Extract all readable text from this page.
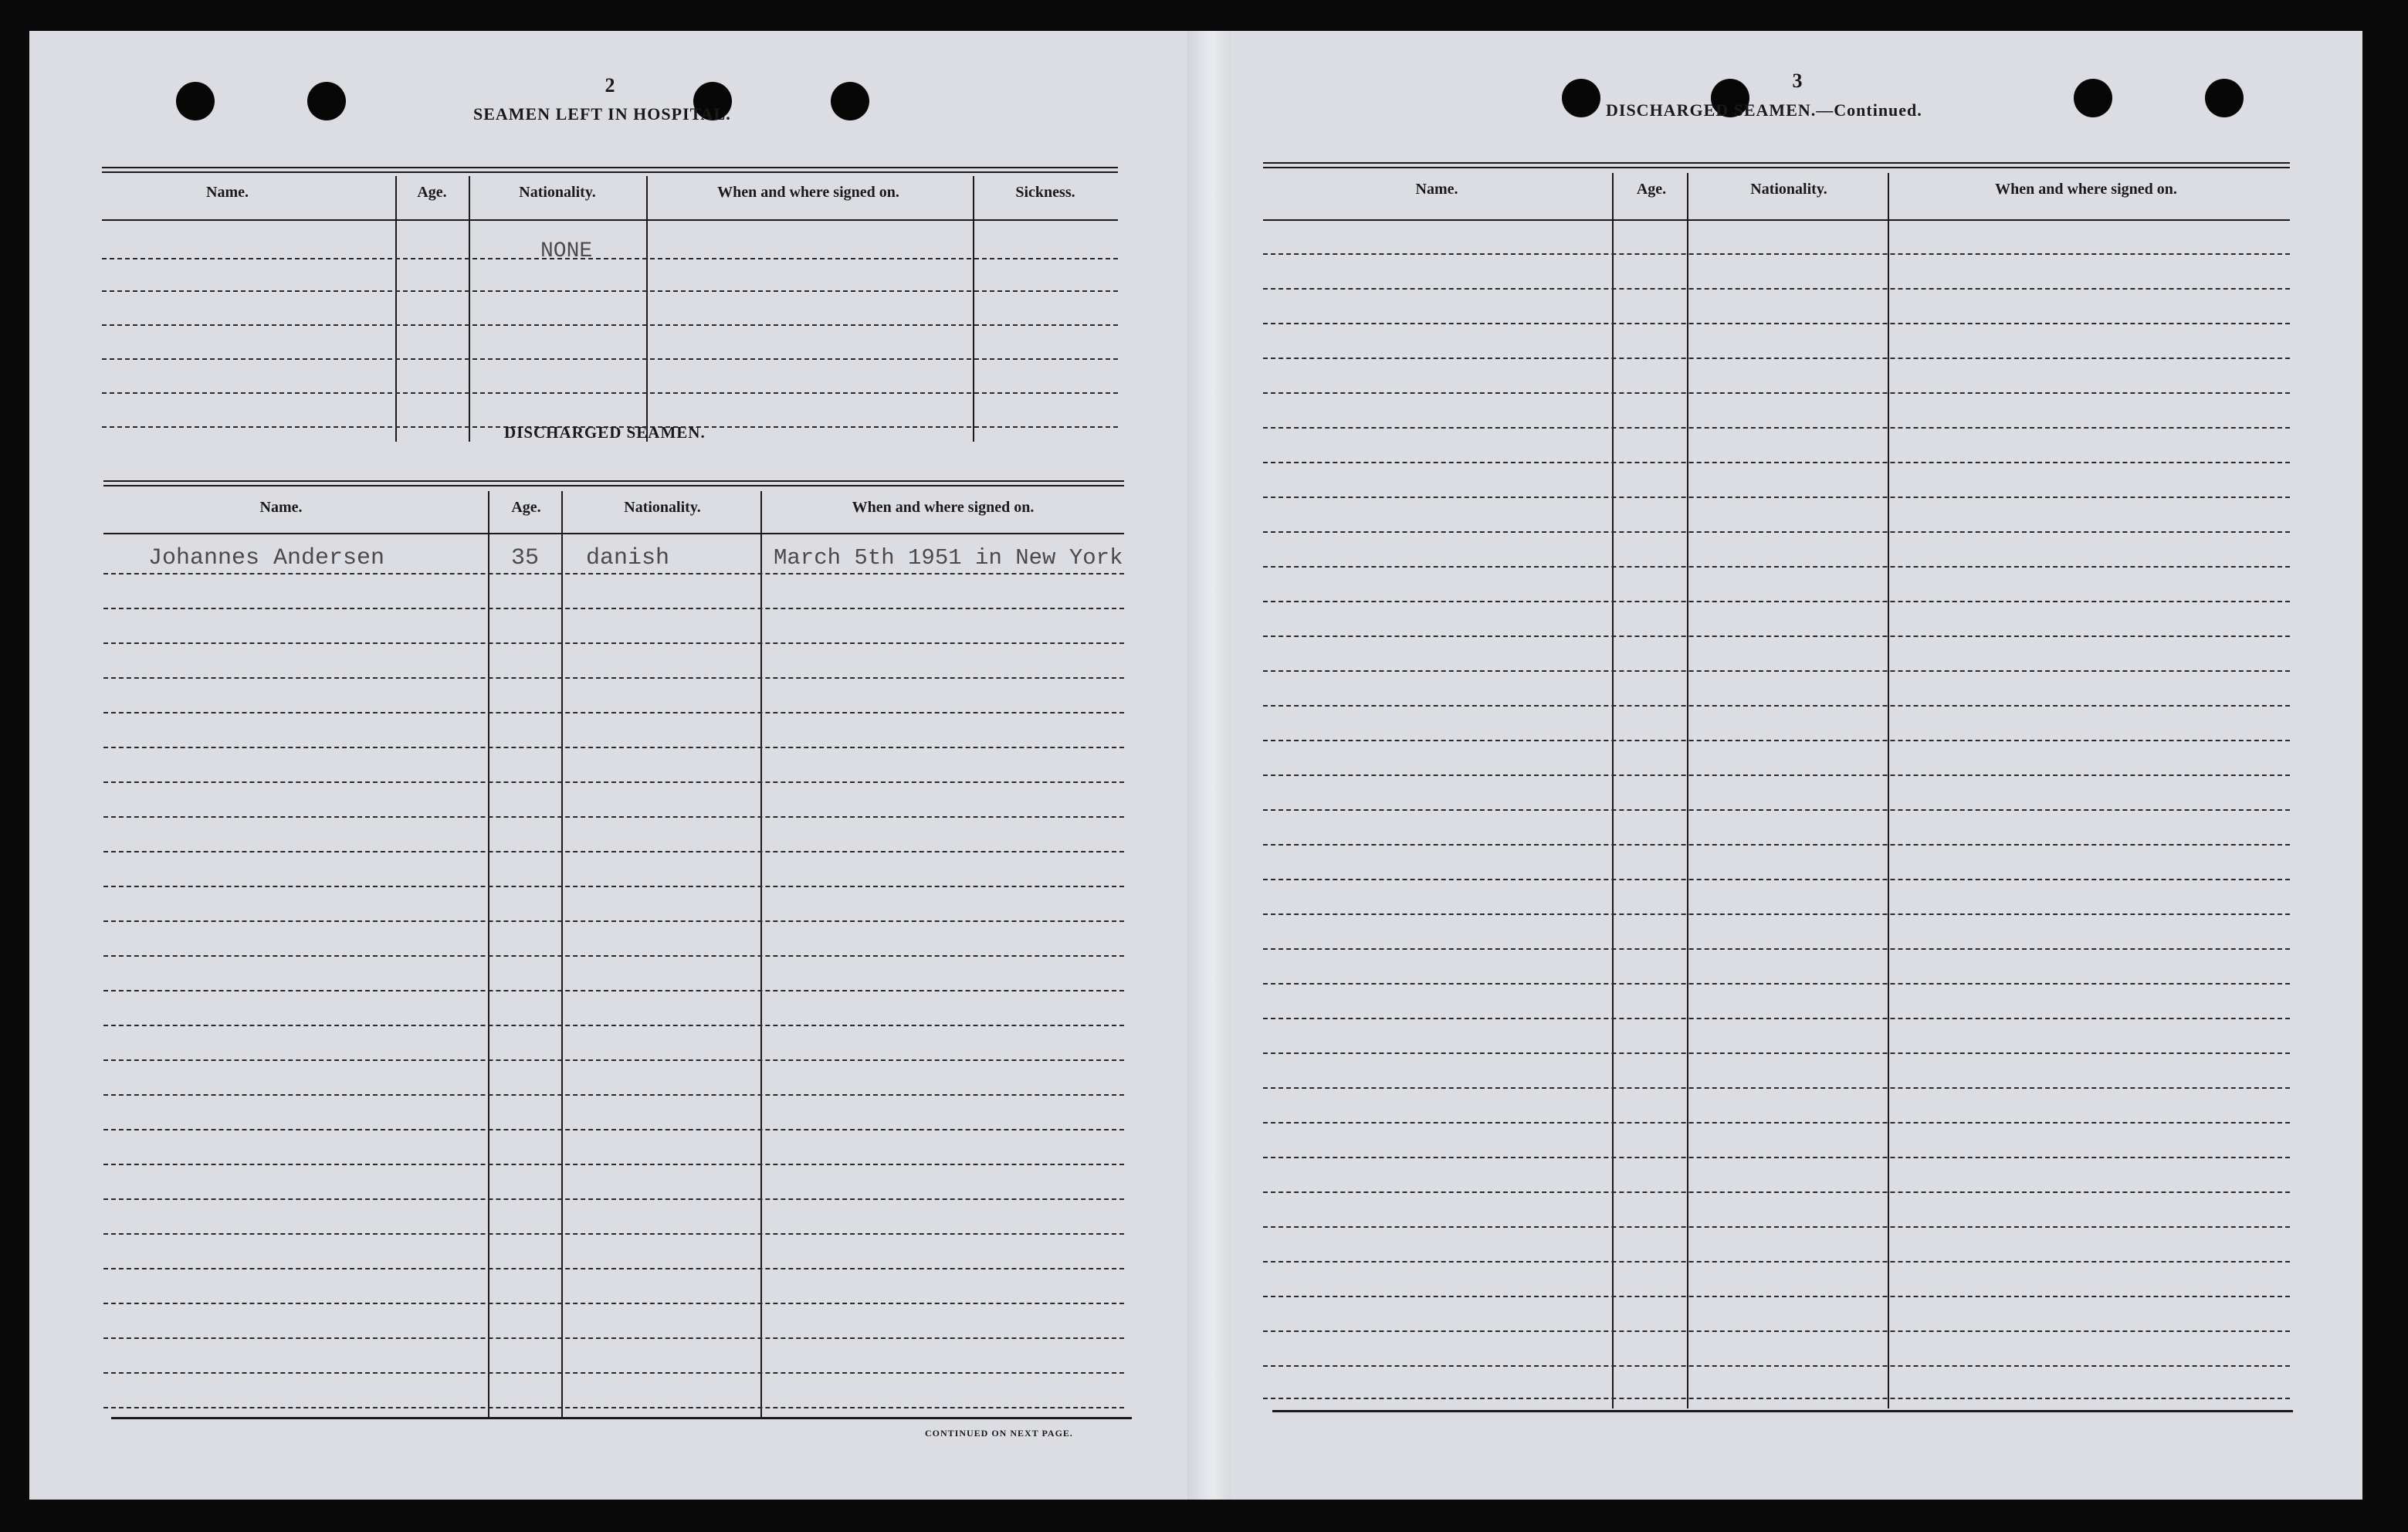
2
SEAMEN LEFT IN HOSPITAL.
Name.	Age.	Nationality.	When and where signed on.	Sickness.
NONE
DISCHARGED SEAMEN.
Name.	Age.	Nationality.	When and where signed on.
Johannes Andersen	35 danish	March 5th 1951 in New York
CONTINUED ON NEXT PAGE.
3
DISCHARGED SEAMEN.—Continued.
Name.	Age.	Nationality.	When and where signed on.
